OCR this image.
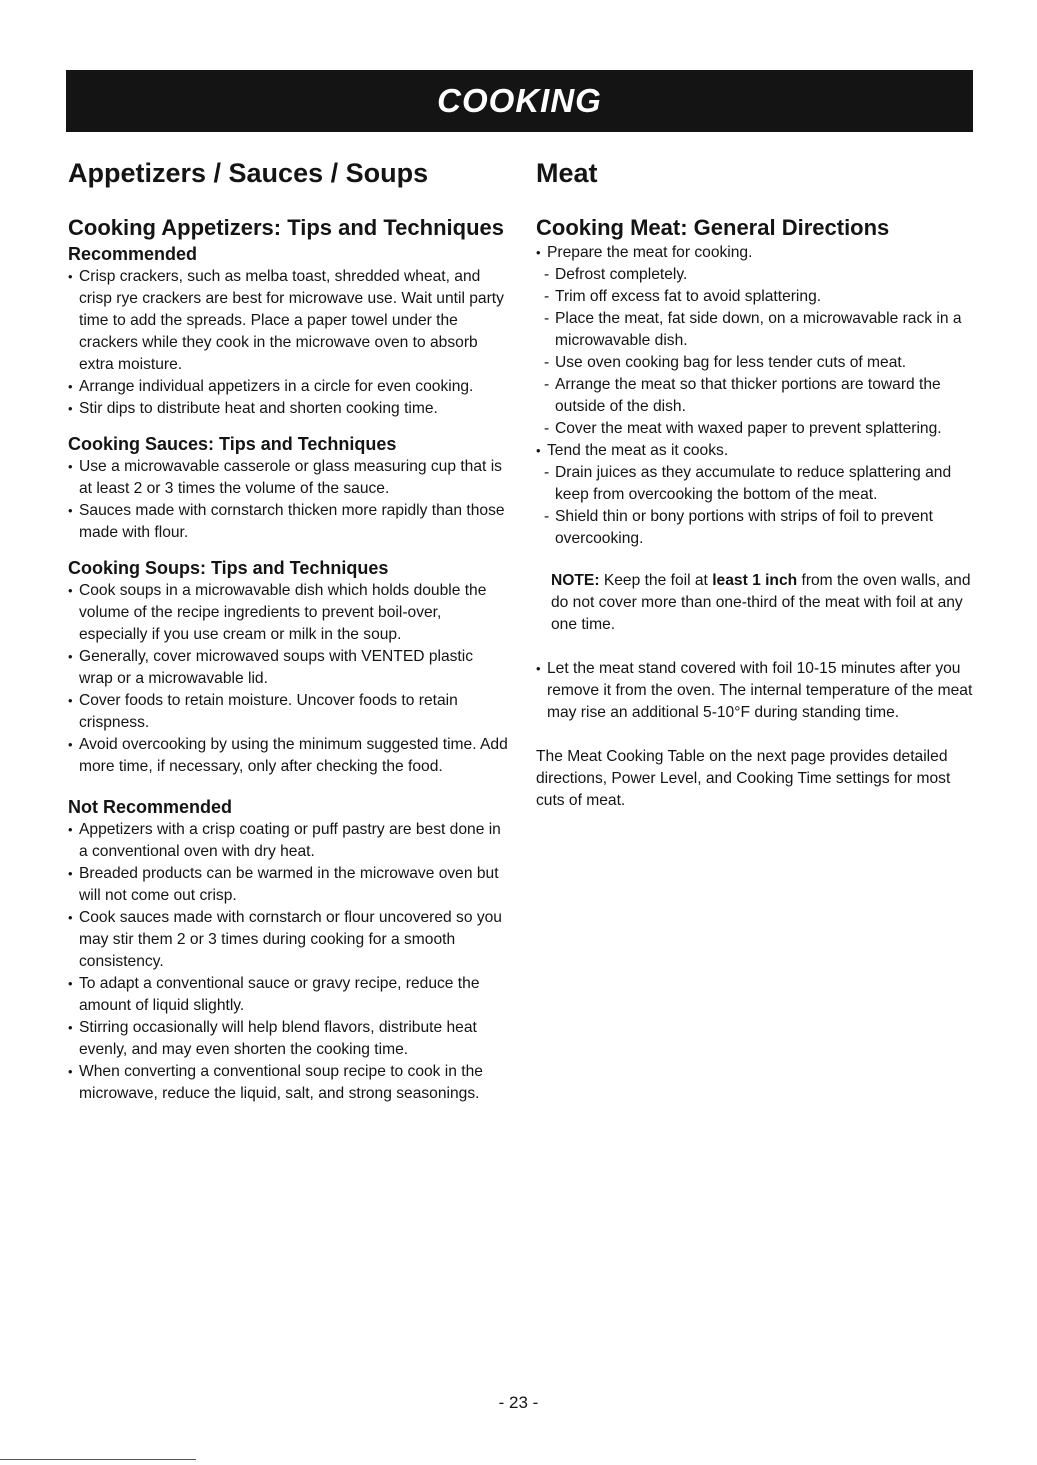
COOKING
Appetizers / Sauces / Soups
Cooking Appetizers: Tips and Techniques
Recommended
• Crisp crackers, such as melba toast, shredded wheat, and crisp rye crackers are best for microwave use. Wait until party time to add the spreads. Place a paper towel under the crackers while they cook in the microwave oven to absorb extra moisture.
• Arrange individual appetizers in a circle for even cooking.
• Stir dips to distribute heat and shorten cooking time.
Cooking Sauces: Tips and Techniques
• Use a microwavable casserole or glass measuring cup that is at least 2 or 3 times the volume of the sauce.
• Sauces made with cornstarch thicken more rapidly than those made with flour.
Cooking Soups: Tips and Techniques
• Cook soups in a microwavable dish which holds double the volume of the recipe ingredients to prevent boil-over, especially if you use cream or milk in the soup.
• Generally, cover microwaved soups with VENTED plastic wrap or a microwavable lid.
• Cover foods to retain moisture. Uncover foods to retain crispness.
• Avoid overcooking by using the minimum suggested time. Add more time, if necessary, only after checking the food.
Not Recommended
• Appetizers with a crisp coating or puff pastry are best done in a conventional oven with dry heat.
• Breaded products can be warmed in the microwave oven but will not come out crisp.
• Cook sauces made with cornstarch or flour uncovered so you may stir them 2 or 3 times during cooking for a smooth consistency.
• To adapt a conventional sauce or gravy recipe, reduce the amount of liquid slightly.
• Stirring occasionally will help blend flavors, distribute heat evenly, and may even shorten the cooking time.
• When converting a conventional soup recipe to cook in the microwave, reduce the liquid, salt, and strong seasonings.
Meat
Cooking Meat: General Directions
• Prepare the meat for cooking.
- Defrost completely.
- Trim off excess fat to avoid splattering.
- Place the meat, fat side down, on a microwavable rack in a microwavable dish.
- Use oven cooking bag for less tender cuts of meat.
- Arrange the meat so that thicker portions are toward the outside of the dish.
- Cover the meat with waxed paper to prevent splattering.
• Tend the meat as it cooks.
- Drain juices as they accumulate to reduce splattering and keep from overcooking the bottom of the meat.
- Shield thin or bony portions with strips of foil to prevent overcooking.
NOTE: Keep the foil at least 1 inch from the oven walls, and do not cover more than one-third of the meat with foil at any one time.
• Let the meat stand covered with foil 10-15 minutes after you remove it from the oven. The internal temperature of the meat may rise an additional 5-10°F during standing time.

The Meat Cooking Table on the next page provides detailed directions, Power Level, and Cooking Time settings for most cuts of meat.

- 23 -
